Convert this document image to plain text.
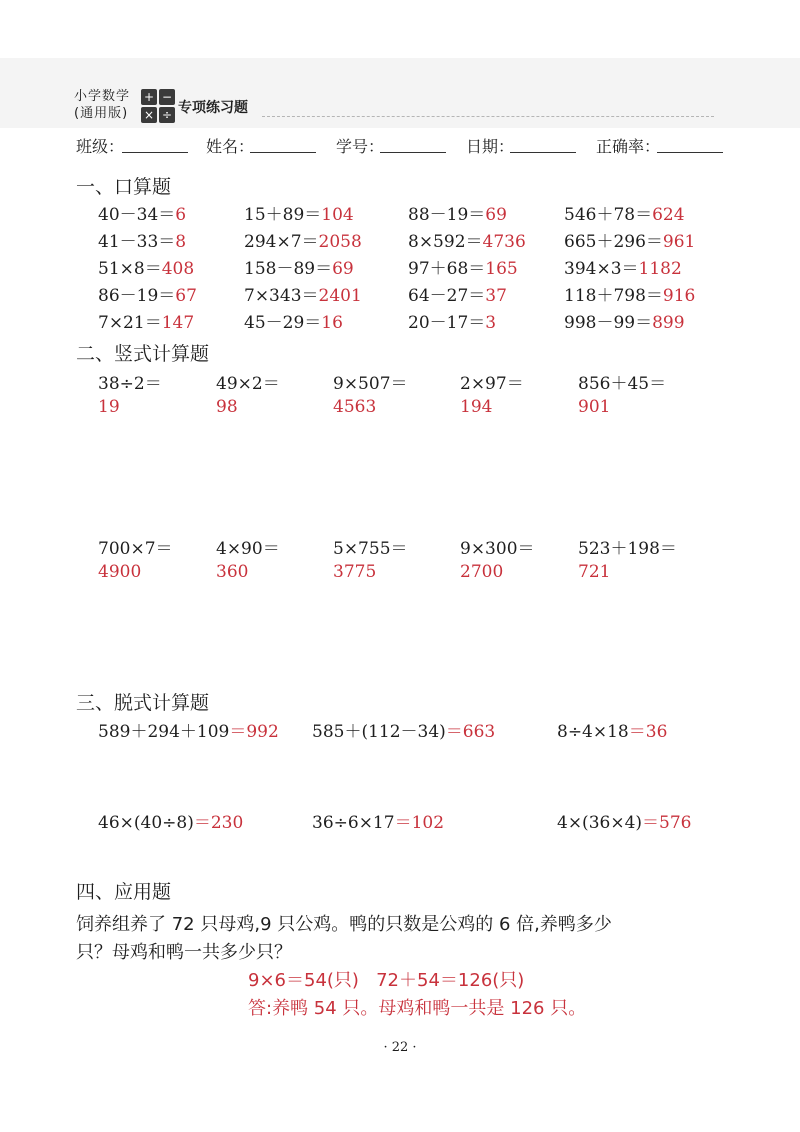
小学数学
(通用版)
+ −
× ÷ 专项练习题
班级：	姓名：	学号：	日期：	正确率：
一、口算题
40－34＝6	15＋89＝104	88－19＝69	546＋78＝624
41－33＝8	294×7＝2058	8×592＝4736 665＋296＝961
51×8＝408	158－89＝69	97＋68＝165	394×3＝1182
86－19＝67	7×343＝2401	64－27＝37	118＋798＝916
7×21＝147	45－29＝16	20－17＝3	998－99＝899
二、竖式计算题
38÷2＝
19
49×2＝
98
9×507＝
4563
2×97＝
194
856＋45＝
901
700×7＝
4900
4×90＝
360
5×755＝
3775
9×300＝
2700
523＋198＝
721
三、脱式计算题
589＋294＋109＝992 585＋(112－34)＝663	8÷4×18＝36
46×(40÷8)＝230	36÷6×17＝102	4×(36×4)＝576
四、应用题
饲养组养了 72 只母鸡,9 只公鸡。鸭的只数是公鸡的 6 倍,养鸭多少
只？母鸡和鸭一共多少只？
9×6＝54(只)   72＋54＝126(只)
答:养鸭 54 只。母鸡和鸭一共是 126 只。
· 22 ·
